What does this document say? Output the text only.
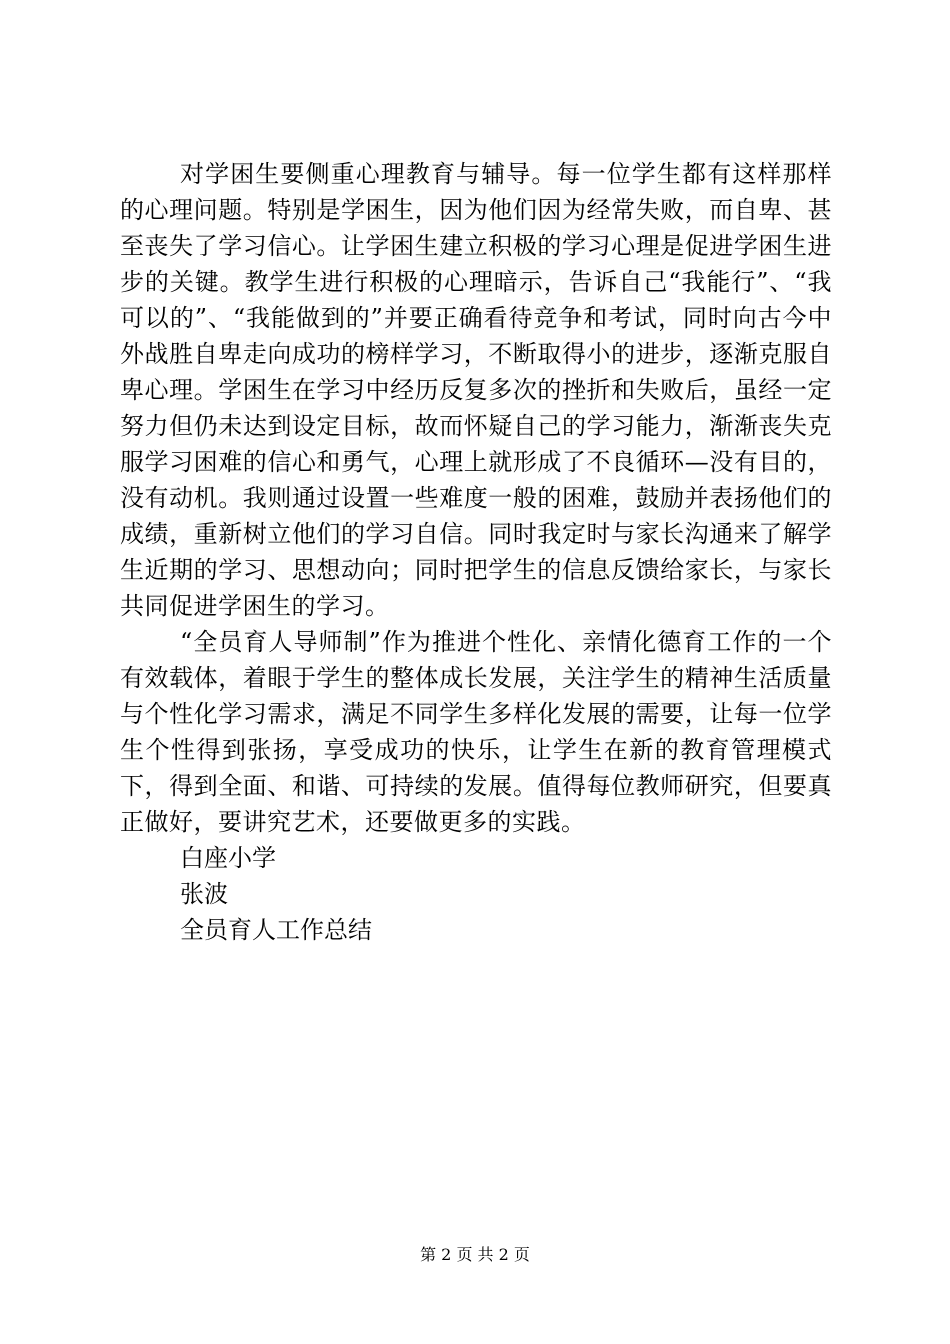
对学困生要侧重心理教育与辅导。每一位学生都有这样那样的心理问题。特别是学困生，因为他们因为经常失败，而自卑、甚至丧失了学习信心。让学困生建立积极的学习心理是促进学困生进步的关键。教学生进行积极的心理暗示，告诉自己“我能行”、“我可以的”、“我能做到的”并要正确看待竞争和考试，同时向古今中外战胜自卑走向成功的榜样学习，不断取得小的进步，逐渐克服自卑心理。学困生在学习中经历反复多次的挫折和失败后，虽经一定努力但仍未达到设定目标，故而怀疑自己的学习能力，渐渐丧失克服学习困难的信心和勇气，心理上就形成了不良循环—没有目的，没有动机。我则通过设置一些难度一般的困难，鼓励并表扬他们的成绩，重新树立他们的学习自信。同时我定时与家长沟通来了解学生近期的学习、思想动向；同时把学生的信息反馈给家长，与家长共同促进学困生的学习。

“全员育人导师制”作为推进个性化、亲情化德育工作的一个有效载体，着眼于学生的整体成长发展，关注学生的精神生活质量与个性化学习需求，满足不同学生多样化发展的需要，让每一位学生个性得到张扬，享受成功的快乐，让学生在新的教育管理模式下，得到全面、和谐、可持续的发展。值得每位教师研究，但要真正做好，要讲究艺术，还要做更多的实践。

白座小学

张波

全员育人工作总结

第 2 页 共 2 页
